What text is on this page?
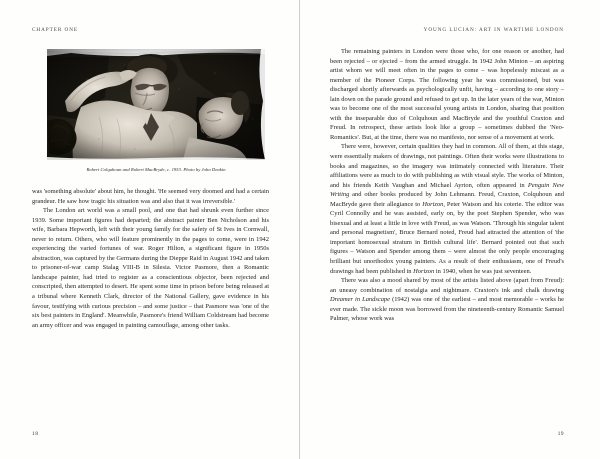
CHAPTER ONE
Robert Colquhoun and Robert MacBryde, c. 1953. Photo by John Deakin

was 'something absolute' about him, he thought. 'He seemed very doomed and had a certain grandeur. He saw how tragic his situation was and also that it was irreversible.'

The London art world was a small pool, and one that had shrunk even further since 1939. Some important figures had departed; the abstract painter Ben Nicholson and his wife, Barbara Hepworth, left with their young family for the safety of St Ives in Cornwall, never to return. Others, who will feature prominently in the pages to come, were in 1942 experiencing the varied fortunes of war. Roger Hilton, a significant figure in 1950s abstraction, was captured by the Germans during the Dieppe Raid in August 1942 and taken to prisoner-of-war camp Stalag VIII-B in Silesia. Victor Pasmore, then a Romantic landscape painter, had tried to register as a conscientious objector, been rejected and conscripted, then attempted to desert. He spent some time in prison before being released at a tribunal where Kenneth Clark, director of the National Gallery, gave evidence in his favour, testifying with curious precision – and some justice – that Pasmore was 'one of the six best painters in England'. Meanwhile, Pasmore's friend William Coldstream had become an army officer and was engaged in painting camouflage, among other tasks.

18
YOUNG LUCIAN: ART IN WARTIME LONDON

The remaining painters in London were those who, for one reason or another, had been rejected – or ejected – from the armed struggle. In 1942 John Minton – an aspiring artist whom we will meet often in the pages to come – was hopelessly miscast as a member of the Pioneer Corps. The following year he was commissioned, but was discharged shortly afterwards as psychologically unfit, having – according to one story – lain down on the parade ground and refused to get up. In the later years of the war, Minton was to become one of the most successful young artists in London, sharing that position with the inseparable duo of Colquhoun and MacBryde and the youthful Craxton and Freud. In retrospect, these artists look like a group – sometimes dubbed the 'Neo-Romantics'. But, at the time, there was no manifesto, nor sense of a movement at work.

There were, however, certain qualities they had in common. All of them, at this stage, were essentially makers of drawings, not paintings. Often their works were illustrations to books and magazines, so the imagery was intimately connected with literature. Their affiliations were as much to do with publishing as with visual style. The works of Minton, and his friends Keith Vaughan and Michael Ayrton, often appeared in Penguin New Writing and other books produced by John Lehmann. Freud, Craxton, Colquhoun and MacBryde gave their allegiance to Horizon, Peter Watson and his coterie. The editor was Cyril Connolly and he was assisted, early on, by the poet Stephen Spender, who was bisexual and at least a little in love with Freud, as was Watson. 'Through his singular talent and personal magnetism', Bruce Bernard noted, Freud had attracted the attention of 'the important homosexual stratum in British cultural life'. Bernard pointed out that such figures – Watson and Spender among them – were almost the only people encouraging brilliant but unorthodox young painters. As a result of their enthusiasm, one of Freud's drawings had been published in Horizon in 1940, when he was just seventeen.

There was also a mood shared by most of the artists listed above (apart from Freud): an uneasy combination of nostalgia and nightmare. Craxton's ink and chalk drawing Dreamer in Landscape (1942) was one of the earliest – and most memorable – works he ever made. The sickle moon was borrowed from the nineteenth-century Romantic Samuel Palmer, whose work was

19
